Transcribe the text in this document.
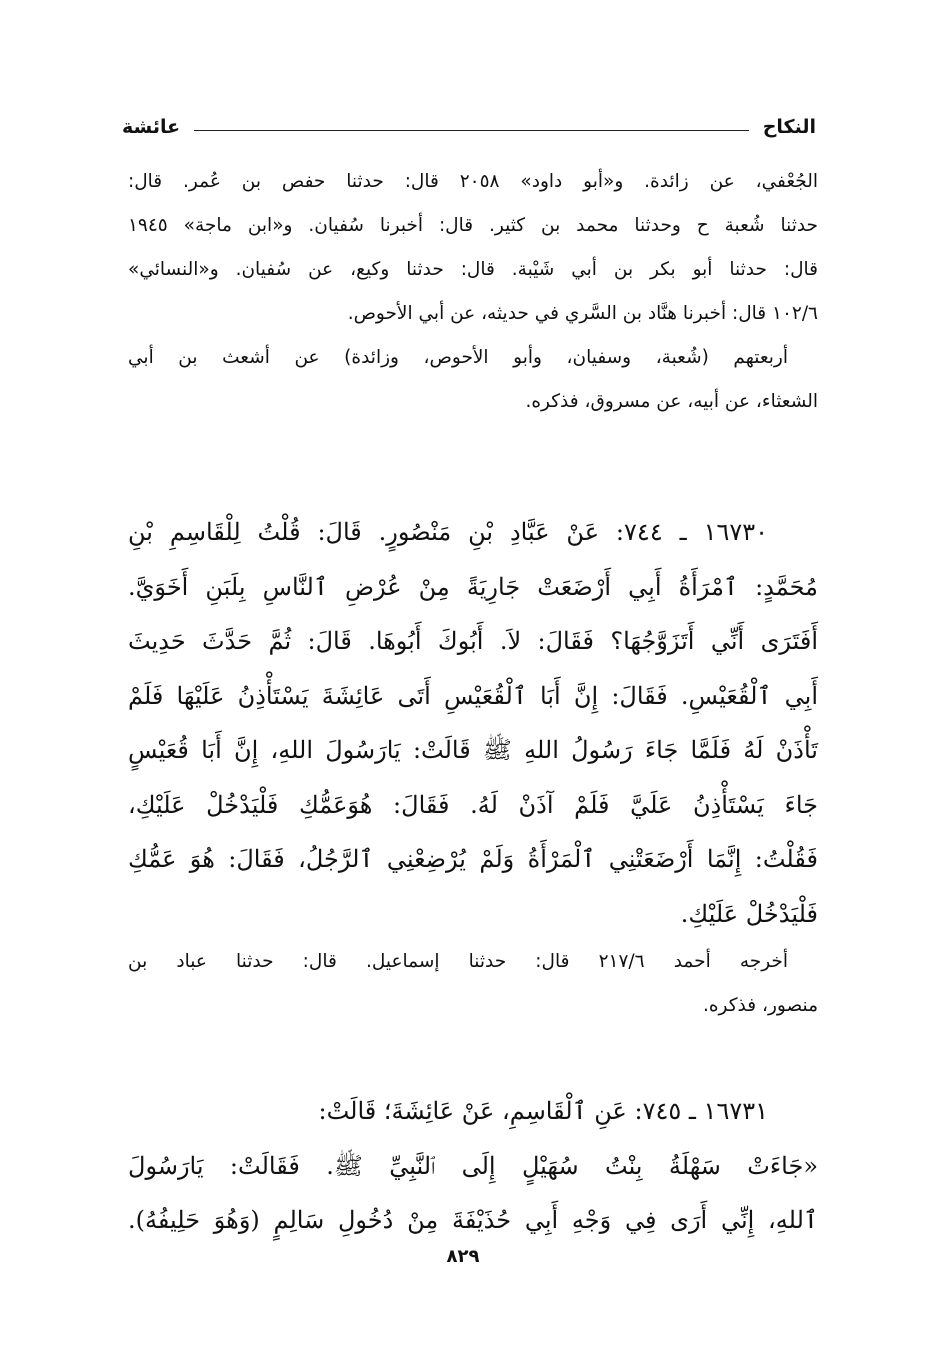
النكاح
عائشة
الجُعْفي، عن زائدة. و«أبو داود» ٢٠٥٨ قال: حدثنا حفص بن عُمر. قال:
حدثنا شُعبة ح وحدثنا محمد بن كثير. قال: أخبرنا سُفيان. و«ابن ماجة» ١٩٤٥
قال: حدثنا أبو بكر بن أبي شَيْبة. قال: حدثنا وكيع، عن سُفيان. و«النسائي»
١٠٢/٦ قال: أخبرنا هنَّاد بن السَّري في حديثه، عن أبي الأحوص.
أربعتهم (شُعبة، وسفيان، وأبو الأحوص، وزائدة) عن أشعث بن أبي
الشعثاء، عن أبيه، عن مسروق، فذكره.
١٦٧٣٠ ـ ٧٤٤: عَنْ عَبَّادِ بْنِ مَنْصُورٍ. قَالَ: قُلْتُ لِلْقَاسِمِ بْنِ
مُحَمَّدٍ: ٱمْرَأَةُ أَبِي أَرْضَعَتْ جَارِيَةً مِنْ عُرْضِ ٱلنَّاسِ بِلَبَنِ أَخَوَيَّ.
أَفَتَرَى أَنِّي أَتَزَوَّجُهَا؟ فَقَالَ: لاَ. أَبُوكَ أَبُوهَا. قَالَ: ثُمَّ حَدَّثَ حَدِيثَ
أَبِي ٱلْقُعَيْسِ. فَقَالَ: إِنَّ أَبَا ٱلْقُعَيْسِ أَتَى عَائِشَةَ يَسْتَأْذِنُ عَلَيْهَا فَلَمْ
تَأْذَنْ لَهُ فَلَمَّا جَاءَ رَسُولُ اللهِ ﷺ قَالَتْ: يَارَسُولَ اللهِ، إِنَّ أَبَا قُعَيْسٍ
جَاءَ يَسْتَأْذِنُ عَلَيَّ فَلَمْ آذَنْ لَهُ. فَقَالَ: هُوَعَمُّكِ فَلْيَدْخُلْ عَلَيْكِ،
فَقُلْتُ: إِنَّمَا أَرْضَعَتْنِي ٱلْمَرْأَةُ وَلَمْ يُرْضِعْنِي ٱلرَّجُلُ، فَقَالَ: هُوَ عَمُّكِ
فَلْيَدْخُلْ عَلَيْكِ.
أخرجه أحمد ٢١٧/٦ قال: حدثنا إسماعيل. قال: حدثنا عباد بن
منصور، فذكره.
١٦٧٣١ ـ ٧٤٥: عَنِ ٱلْقَاسِمِ، عَنْ عَائِشَةَ؛ قَالَتْ:
«جَاءَتْ سَهْلَةُ بِنْتُ سُهَيْلٍ إِلَى ٱلنَّبِيِّ ﷺ. فَقَالَتْ: يَارَسُولَ
ٱللهِ، إِنِّي أَرَى فِي وَجْهِ أَبِي حُذَيْفَةَ مِنْ دُخُولِ سَالِمٍ (وَهُوَ حَلِيفُهُ).
٨٢٩
